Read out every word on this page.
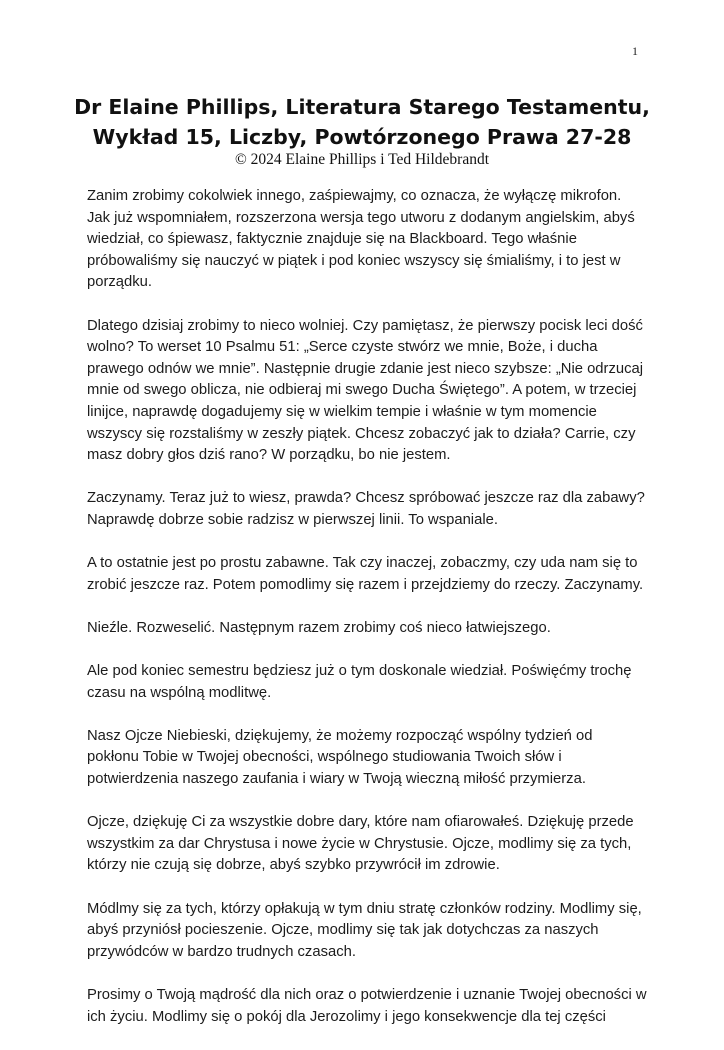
1
Dr Elaine Phillips, Literatura Starego Testamentu,
Wykład 15, Liczby, Powtórzonego Prawa 27-28
© 2024 Elaine Phillips i Ted Hildebrandt

Zanim zrobimy cokolwiek innego, zaśpiewajmy, co oznacza, że wyłączę mikrofon. Jak już wspomniałem, rozszerzona wersja tego utworu z dodanym angielskim, abyś wiedział, co śpiewasz, faktycznie znajduje się na Blackboard. Tego właśnie próbowaliśmy się nauczyć w piątek i pod koniec wszyscy się śmialiśmy, i to jest w porządku.

Dlatego dzisiaj zrobimy to nieco wolniej. Czy pamiętasz, że pierwszy pocisk leci dość wolno? To werset 10 Psalmu 51: „Serce czyste stwórz we mnie, Boże, i ducha prawego odnów we mnie”. Następnie drugie zdanie jest nieco szybsze: „Nie odrzucaj mnie od swego oblicza, nie odbieraj mi swego Ducha Świętego”. A potem, w trzeciej linijce, naprawdę dogadujemy się w wielkim tempie i właśnie w tym momencie wszyscy się rozstaliśmy w zeszły piątek. Chcesz zobaczyć jak to działa? Carrie, czy masz dobry głos dziś rano? W porządku, bo nie jestem.

Zaczynamy. Teraz już to wiesz, prawda? Chcesz spróbować jeszcze raz dla zabawy? Naprawdę dobrze sobie radzisz w pierwszej linii. To wspaniale.

A to ostatnie jest po prostu zabawne. Tak czy inaczej, zobaczmy, czy uda nam się to zrobić jeszcze raz. Potem pomodlimy się razem i przejdziemy do rzeczy. Zaczynamy.

Nieźle. Rozweselić. Następnym razem zrobimy coś nieco łatwiejszego.

Ale pod koniec semestru będziesz już o tym doskonale wiedział. Poświęćmy trochę czasu na wspólną modlitwę.

Nasz Ojcze Niebieski, dziękujemy, że możemy rozpocząć wspólny tydzień od pokłonu Tobie w Twojej obecności, wspólnego studiowania Twoich słów i potwierdzenia naszego zaufania i wiary w Twoją wieczną miłość przymierza.

Ojcze, dziękuję Ci za wszystkie dobre dary, które nam ofiarowałeś. Dziękuję przede wszystkim za dar Chrystusa i nowe życie w Chrystusie. Ojcze, modlimy się za tych, którzy nie czują się dobrze, abyś szybko przywrócił im zdrowie.

Módlmy się za tych, którzy opłakują w tym dniu stratę członków rodziny. Modlimy się, abyś przyniósł pocieszenie. Ojcze, modlimy się tak jak dotychczas za naszych przywódców w bardzo trudnych czasach.

Prosimy o Twoją mądrość dla nich oraz o potwierdzenie i uznanie Twojej obecności w ich życiu. Modlimy się o pokój dla Jerozolimy i jego konsekwencje dla tej części
